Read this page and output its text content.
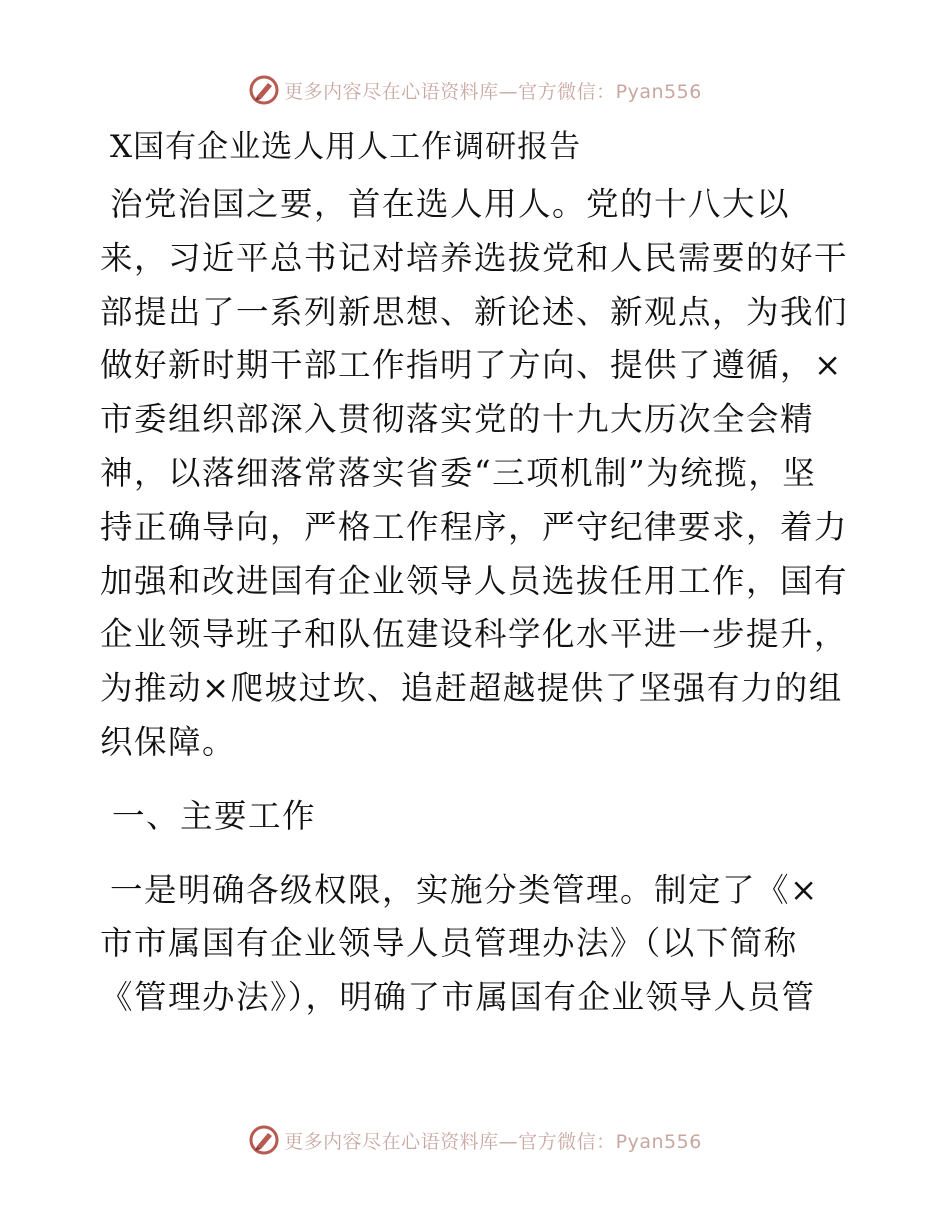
更多内容尽在心语资料库—官方微信：Pyan556
X国有企业选人用人工作调研报告
治党治国之要，首在选人用人。党的十八大以
来，习近平总书记对培养选拔党和人民需要的好干
部提出了一系列新思想、新论述、新观点，为我们
做好新时期干部工作指明了方向、提供了遵循，×
市委组织部深入贯彻落实党的十九大历次全会精
神，以落细落常落实省委“三项机制”为统揽，坚
持正确导向，严格工作程序，严守纪律要求，着力
加强和改进国有企业领导人员选拔任用工作，国有
企业领导班子和队伍建设科学化水平进一步提升，
为推动×爬坡过坎、追赶超越提供了坚强有力的组
织保障。
一、主要工作
一是明确各级权限，实施分类管理。制定了《×
市市属国有企业领导人员管理办法》（以下简称
《管理办法》），明确了市属国有企业领导人员管
更多内容尽在心语资料库—官方微信：Pyan556
